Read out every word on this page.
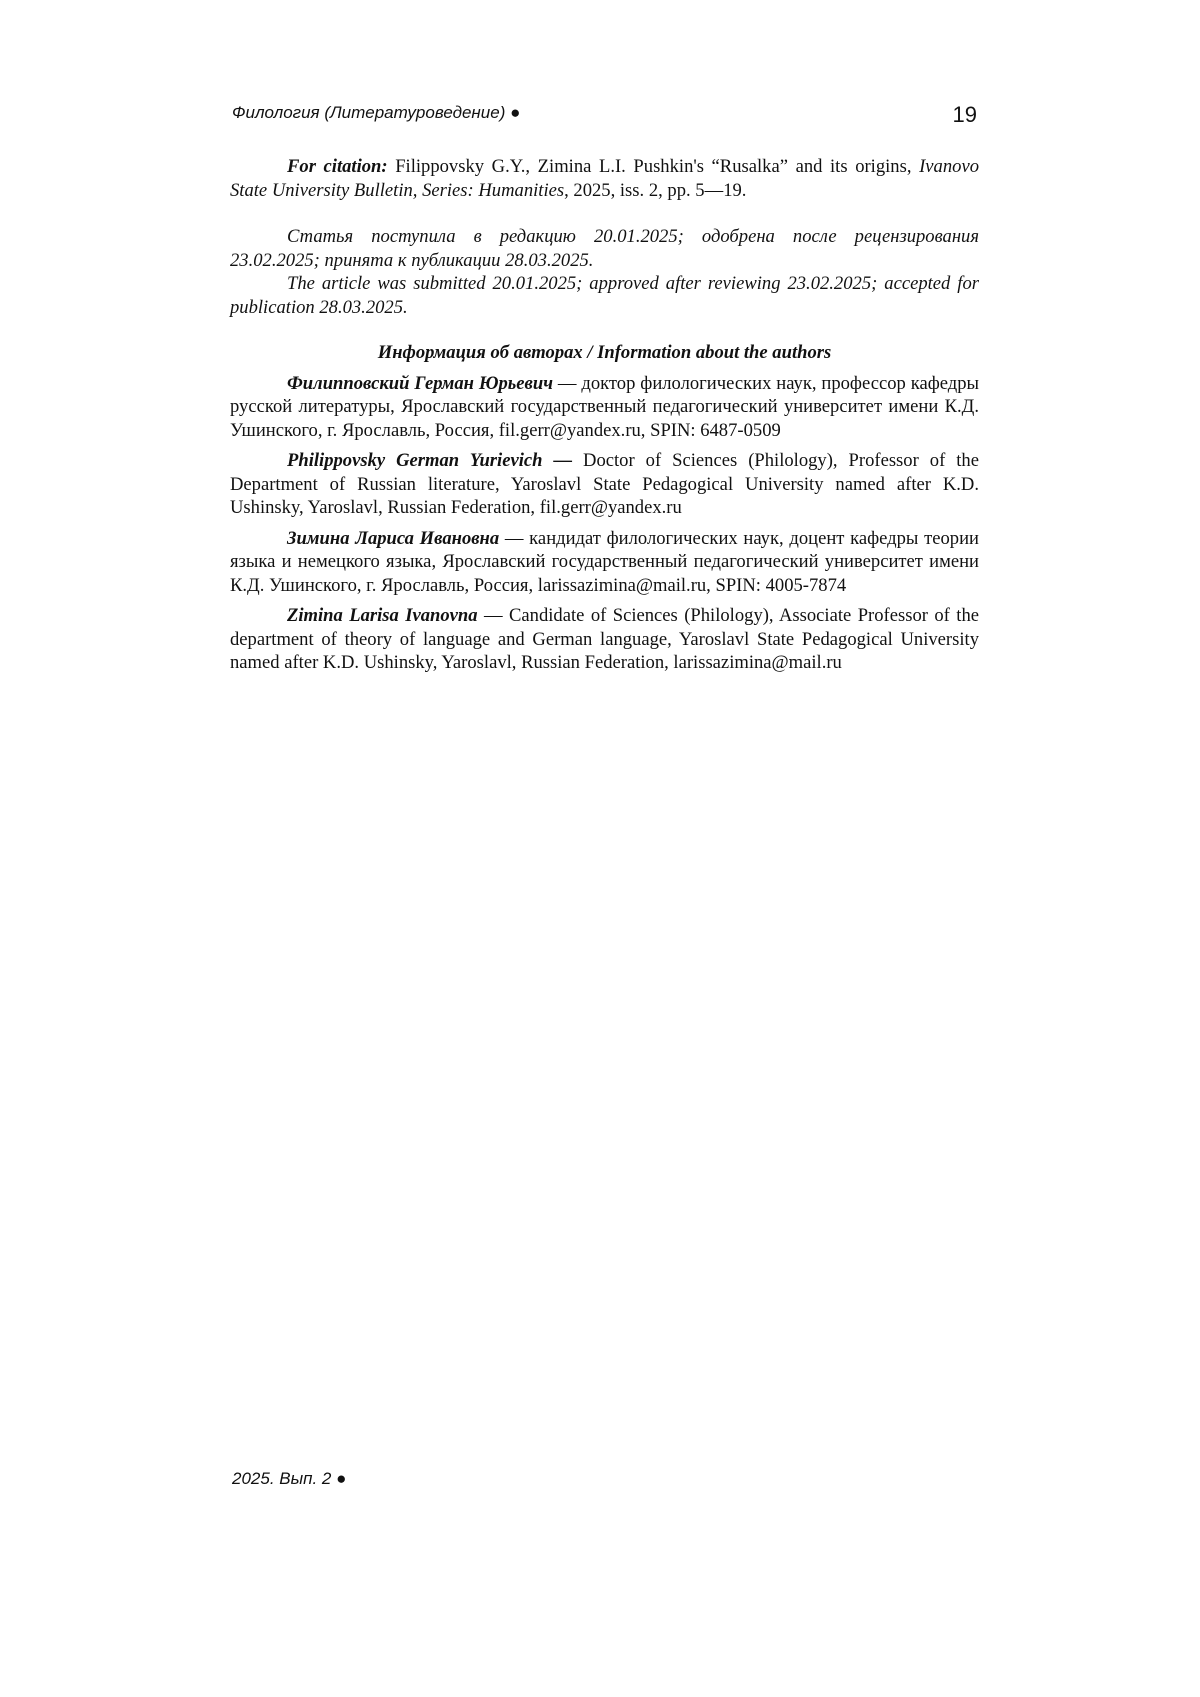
Филология (Литературоведение) ●	19

For citation: Filippovsky G.Y., Zimina L.I. Pushkin's “Rusalka” and its origins, Ivanovo State University Bulletin, Series: Humanities, 2025, iss. 2, pp. 5—19.

Статья поступила в редакцию 20.01.2025; одобрена после рецензирования 23.02.2025; принята к публикации 28.03.2025.

The article was submitted 20.01.2025; approved after reviewing 23.02.2025; accepted for publication 28.03.2025.

Информация об авторах / Information about the authors

Филипповский Герман Юрьевич — доктор филологических наук, профессор кафедры русской литературы, Ярославский государственный педагогический университет имени К.Д. Ушинского, г. Ярославль, Россия, fil.gerr@yandex.ru, SPIN: 6487-0509

Philippovsky German Yurievich — Doctor of Sciences (Philology), Professor of the Department of Russian literature, Yaroslavl State Pedagogical University named after K.D. Ushinsky, Yaroslavl, Russian Federation, fil.gerr@yandex.ru

Зимина Лариса Ивановна — кандидат филологических наук, доцент кафедры теории языка и немецкого языка, Ярославский государственный педагогический университет имени К.Д. Ушинского, г. Ярославль, Россия, larissazimina@mail.ru, SPIN: 4005-7874

Zimina Larisa Ivanovna — Candidate of Sciences (Philology), Associate Professor of the department of theory of language and German language, Yaroslavl State Pedagogical University named after K.D. Ushinsky, Yaroslavl, Russian Federation, larissazimina@mail.ru

2025. Вып. 2 ●
